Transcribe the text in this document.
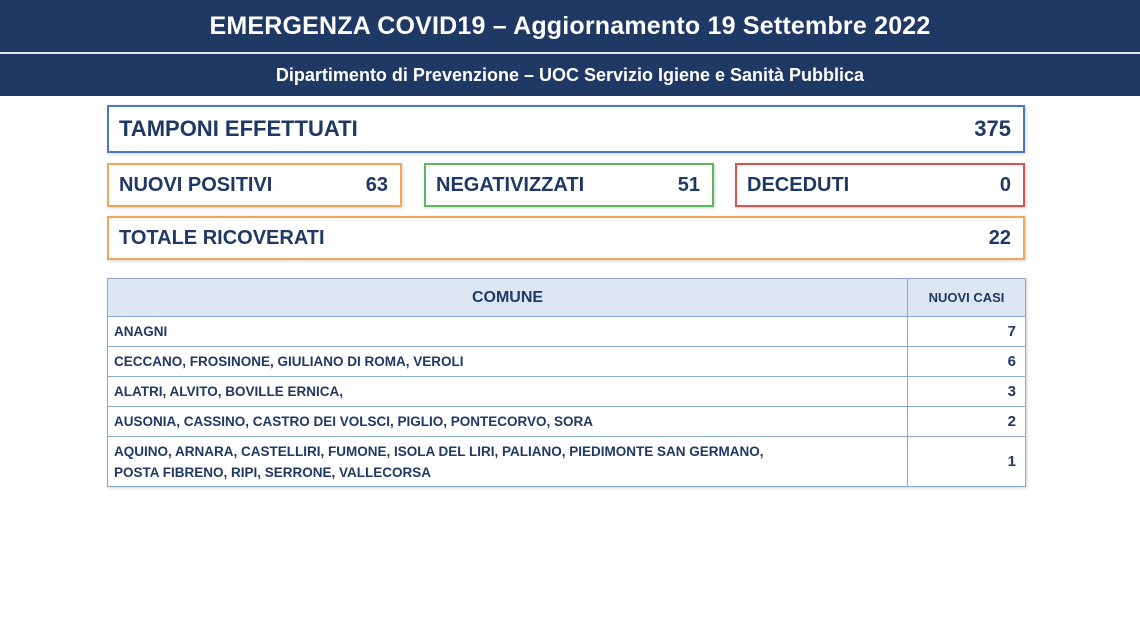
EMERGENZA COVID19 – Aggiornamento 19 Settembre 2022
Dipartimento di Prevenzione – UOC Servizio Igiene e Sanità Pubblica
TAMPONI EFFETTUATI	375
NUOVI POSITIVI	63	NEGATIVIZZATI	51	DECEDUTI	0
TOTALE RICOVERATI	22
COMUNE	NUOVI CASI
ANAGNI	7
CECCANO, FROSINONE, GIULIANO DI ROMA, VEROLI	6
ALATRI, ALVITO, BOVILLE ERNICA,	3
AUSONIA, CASSINO, CASTRO DEI VOLSCI, PIGLIO, PONTECORVO, SORA	2

AQUINO, ARNARA, CASTELLIRI, FUMONE, ISOLA DEL LIRI, PALIANO, PIEDIMONTE SAN GERMANO,
POSTA FIBRENO, RIPI, SERRONE, VALLECORSA	1
